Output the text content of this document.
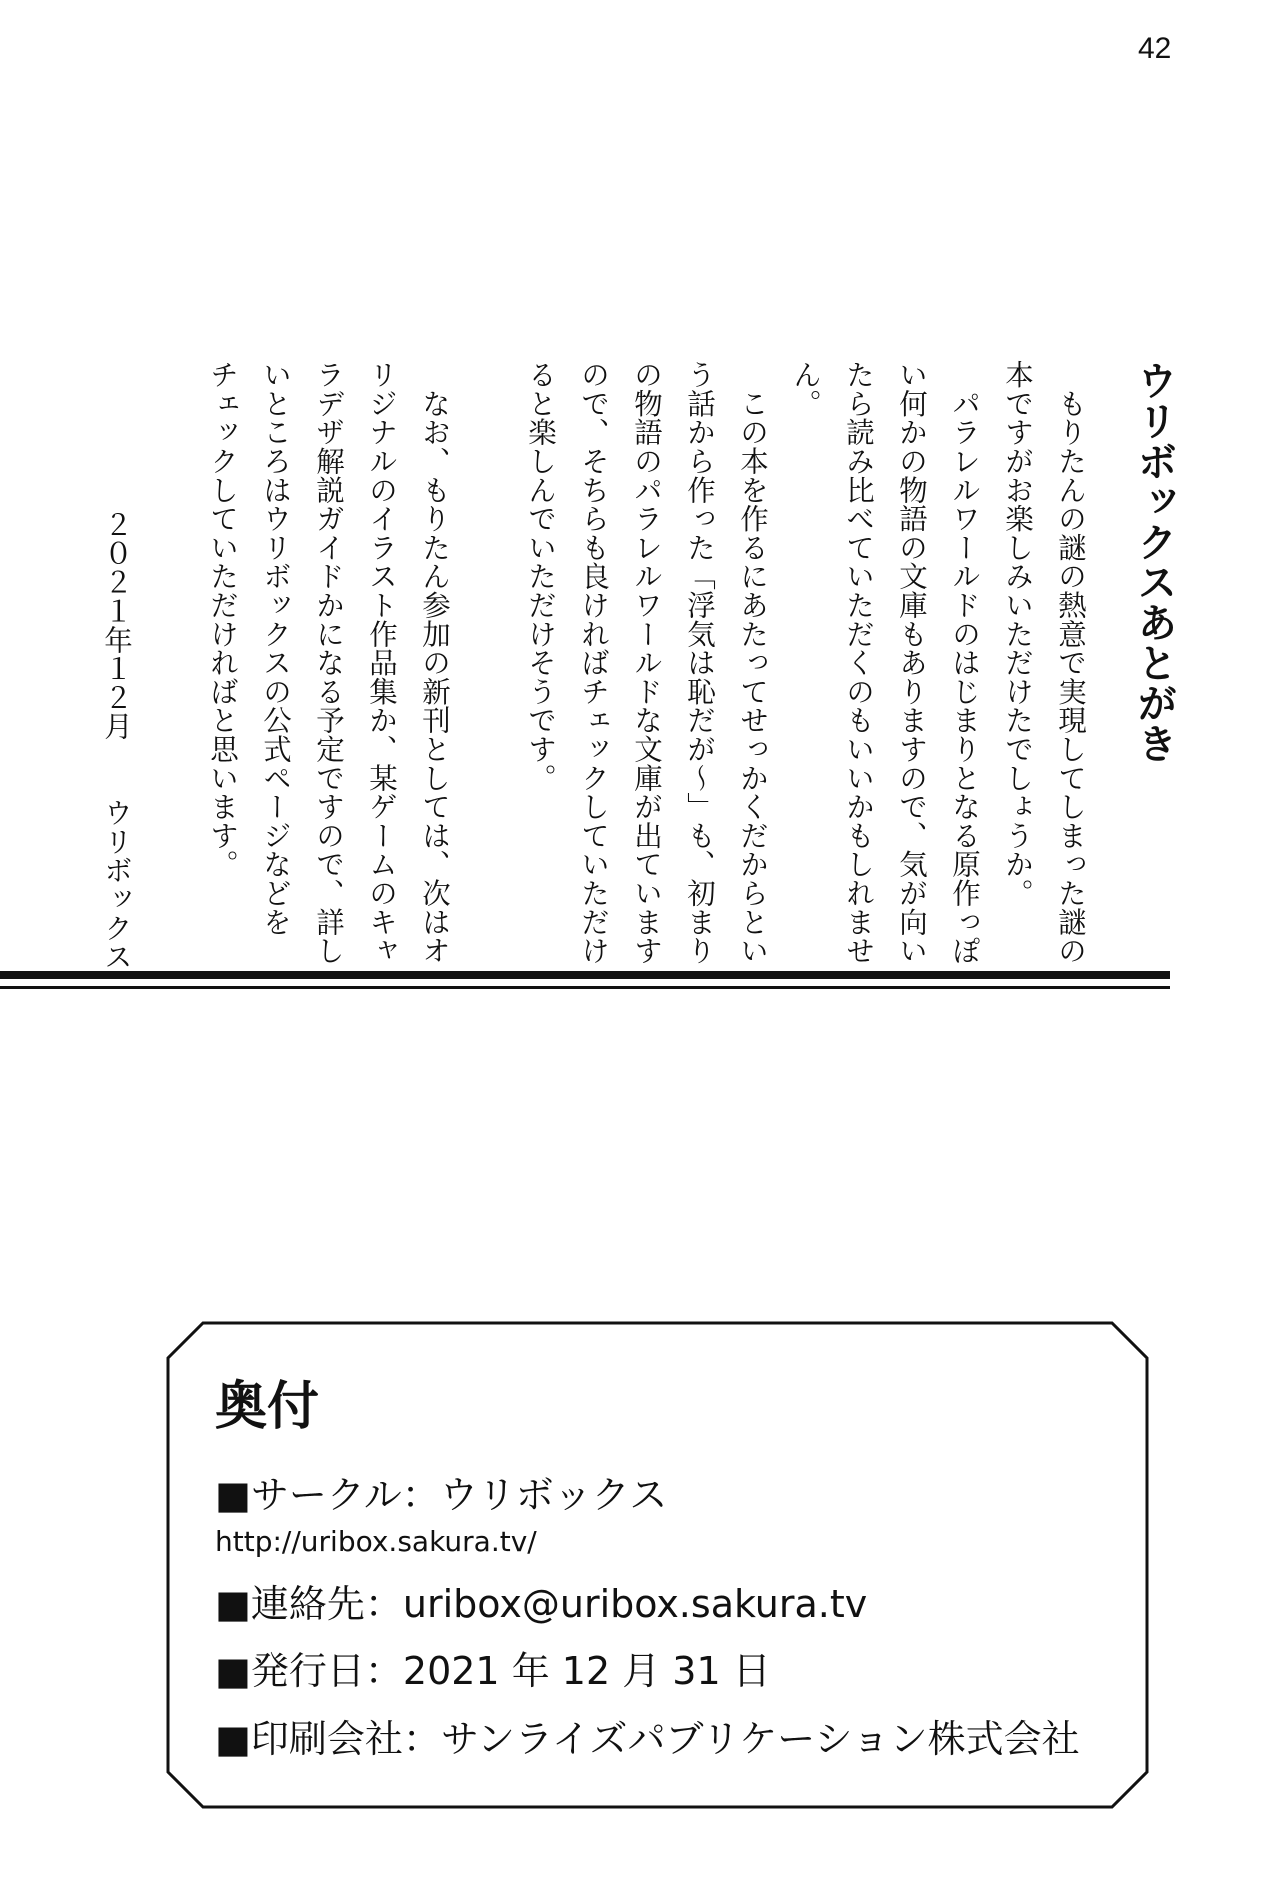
42
ウリボックスあとがき

　もりたんの謎の熱意で実現してしまった謎の
本ですがお楽しみいただけたでしょうか。
　パラレルワールドのはじまりとなる原作っぽ
い何かの物語の文庫もありますので、気が向い
たら読み比べていただくのもいいかもしれませ
ん。

　この本を作るにあたってせっかくだからとい
う話から作った「浮気は恥だが～」も、初まり
の物語のパラレルワールドな文庫が出ています
ので、そちらも良ければチェックしていただけ
ると楽しんでいただけそうです。

　なお、もりたん参加の新刊としては、次はオ
リジナルのイラスト作品集か、某ゲームのキャ
ラデザ解説ガイドかになる予定ですので、詳し
いところはウリボックスの公式ページなどを
チェックしていただければと思います。

２０２１年１２月　　ウリボックス

奥付
■サークル：ウリボックス
http://uribox.sakura.tv/
■連絡先：uribox@uribox.sakura.tv
■発行日：2021 年 12 月 31 日
■印刷会社：サンライズパブリケーション株式会社
